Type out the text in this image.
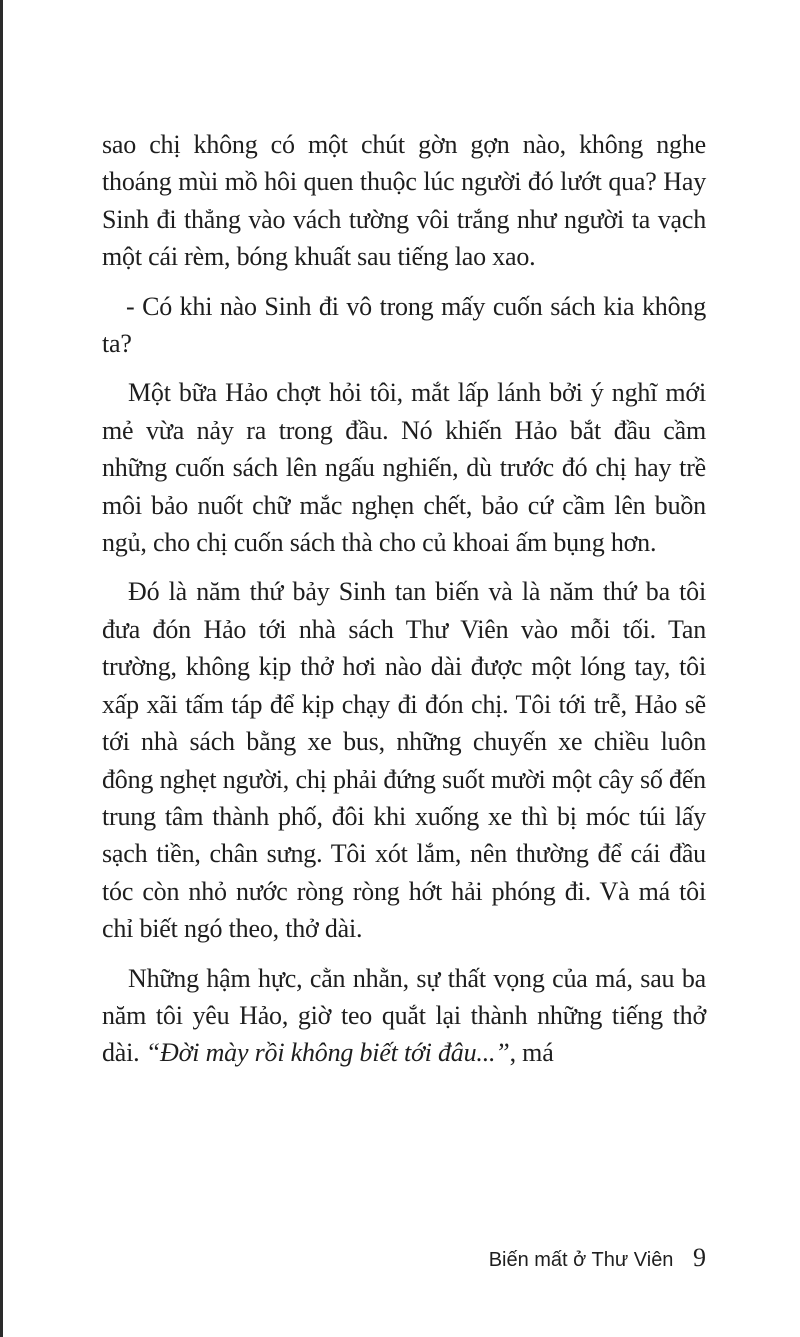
sao chị không có một chút gờn gợn nào, không nghe thoáng mùi mồ hôi quen thuộc lúc người đó lướt qua? Hay Sinh đi thẳng vào vách tường vôi trắng như người ta vạch một cái rèm, bóng khuất sau tiếng lao xao.

- Có khi nào Sinh đi vô trong mấy cuốn sách kia không ta?

Một bữa Hảo chợt hỏi tôi, mắt lấp lánh bởi ý nghĩ mới mẻ vừa nảy ra trong đầu. Nó khiến Hảo bắt đầu cầm những cuốn sách lên ngấu nghiến, dù trước đó chị hay trề môi bảo nuốt chữ mắc nghẹn chết, bảo cứ cầm lên buồn ngủ, cho chị cuốn sách thà cho củ khoai ấm bụng hơn.

Đó là năm thứ bảy Sinh tan biến và là năm thứ ba tôi đưa đón Hảo tới nhà sách Thư Viên vào mỗi tối. Tan trường, không kịp thở hơi nào dài được một lóng tay, tôi xấp xãi tấm táp để kịp chạy đi đón chị. Tôi tới trễ, Hảo sẽ tới nhà sách bằng xe bus, những chuyến xe chiều luôn đông nghẹt người, chị phải đứng suốt mười một cây số đến trung tâm thành phố, đôi khi xuống xe thì bị móc túi lấy sạch tiền, chân sưng. Tôi xót lắm, nên thường để cái đầu tóc còn nhỏ nước ròng ròng hớt hải phóng đi. Và má tôi chỉ biết ngó theo, thở dài.

Những hậm hực, cằn nhằn, sự thất vọng của má, sau ba năm tôi yêu Hảo, giờ teo quắt lại thành những tiếng thở dài. “Đời mày rồi không biết tới đâu...”, má

Biến mất ở Thư Viên 9
